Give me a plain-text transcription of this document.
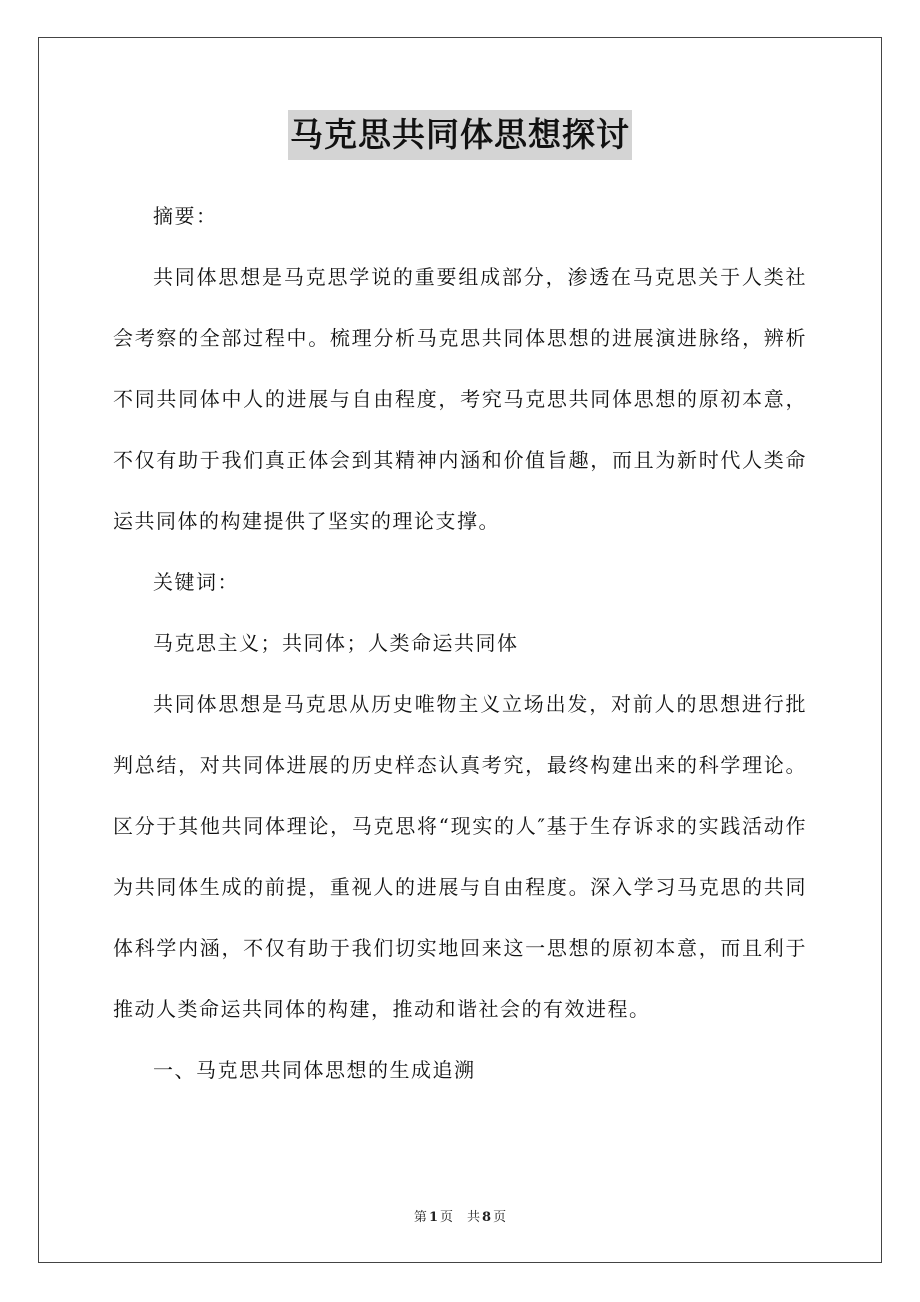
马克思共同体思想探讨

摘要：

共同体思想是马克思学说的重要组成部分，渗透在马克思关于人类社会考察的全部过程中。梳理分析马克思共同体思想的进展演进脉络，辨析不同共同体中人的进展与自由程度，考究马克思共同体思想的原初本意，不仅有助于我们真正体会到其精神内涵和价值旨趣，而且为新时代人类命运共同体的构建提供了坚实的理论支撑。

关键词：

马克思主义；共同体；人类命运共同体

共同体思想是马克思从历史唯物主义立场出发，对前人的思想进行批判总结，对共同体进展的历史样态认真考究，最终构建出来的科学理论。区分于其他共同体理论，马克思将“现实的人″基于生存诉求的实践活动作为共同体生成的前提，重视人的进展与自由程度。深入学习马克思的共同体科学内涵，不仅有助于我们切实地回来这一思想的原初本意，而且利于推动人类命运共同体的构建，推动和谐社会的有效进程。

一、马克思共同体思想的生成追溯

第 1 页 共 8 页
